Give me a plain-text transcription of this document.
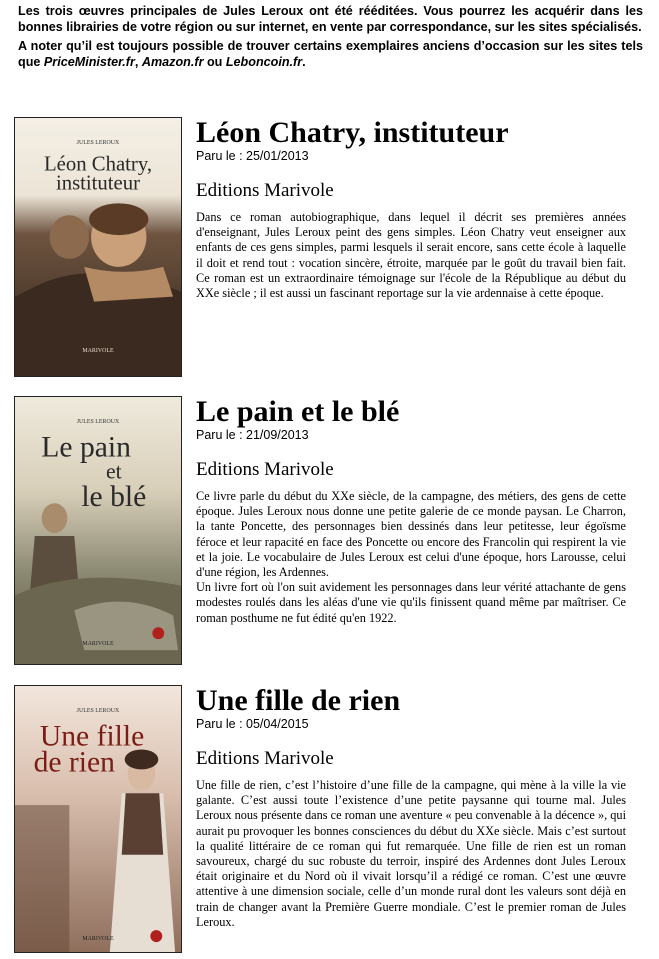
Les trois œuvres principales de Jules Leroux ont été rééditées. Vous pourrez les acquérir dans les bonnes librairies de votre région ou sur internet, en vente par correspondance, sur les sites spécialisés.

A noter qu’il est toujours possible de trouver certains exemplaires anciens d’occasion sur les sites tels que PriceMinister.fr, Amazon.fr ou Leboncoin.fr.

JULES LEROUX
Léon Chatry,
instituteur
MARIVOLE
Léon Chatry, instituteur
Paru le : 25/01/2013
Editions Marivole

Dans ce roman autobiographique, dans lequel il décrit ses premières années d'enseignant, Jules Leroux peint des gens simples. Léon Chatry veut enseigner aux enfants de ces gens simples, parmi lesquels il serait encore, sans cette école à laquelle il doit et rend tout : vocation sincère, étroite, marquée par le goût du travail bien fait. Ce roman est un extraordinaire témoignage sur l'école de la République au début du XXe siècle ; il est aussi un fascinant reportage sur la vie ardennaise à cette époque.

JULES LEROUX
Le pain
et
le blé
MARIVOLE
Le pain et le blé
Paru le : 21/09/2013
Editions Marivole

Ce livre parle du début du XXe siècle, de la campagne, des métiers, des gens de cette époque. Jules Leroux nous donne une petite galerie de ce monde paysan. Le Charron, la tante Poncette, des personnages bien dessinés dans leur petitesse, leur égoïsme féroce et leur rapacité en face des Poncette ou encore des Francolin qui respirent la vie et la joie. Le vocabulaire de Jules Leroux est celui d'une époque, hors Larousse, celui d'une région, les Ardennes.

Un livre fort où l'on suit avidement les personnages dans leur vérité attachante de gens modestes roulés dans les aléas d'une vie qu'ils finissent quand même par maîtriser. Ce roman posthume ne fut édité qu'en 1922.

JULES LEROUX
Une fille
de rien
MARIVOLE
Une fille de rien
Paru le : 05/04/2015
Editions Marivole

Une fille de rien, c’est l’histoire d’une fille de la campagne, qui mène à la ville la vie galante. C’est aussi toute l’existence d’une petite paysanne qui tourne mal. Jules Leroux nous présente dans ce roman une aventure « peu convenable à la décence », qui aurait pu provoquer les bonnes consciences du début du XXe siècle. Mais c’est surtout la qualité littéraire de ce roman qui fut remarquée. Une fille de rien est un roman savoureux, chargé du suc robuste du terroir, inspiré des Ardennes dont Jules Leroux était originaire et du Nord où il vivait lorsqu’il a rédigé ce roman. C’est une œuvre attentive à une dimension sociale, celle d’un monde rural dont les valeurs sont déjà en train de changer avant la Première Guerre mondiale. C’est le premier roman de Jules Leroux.
